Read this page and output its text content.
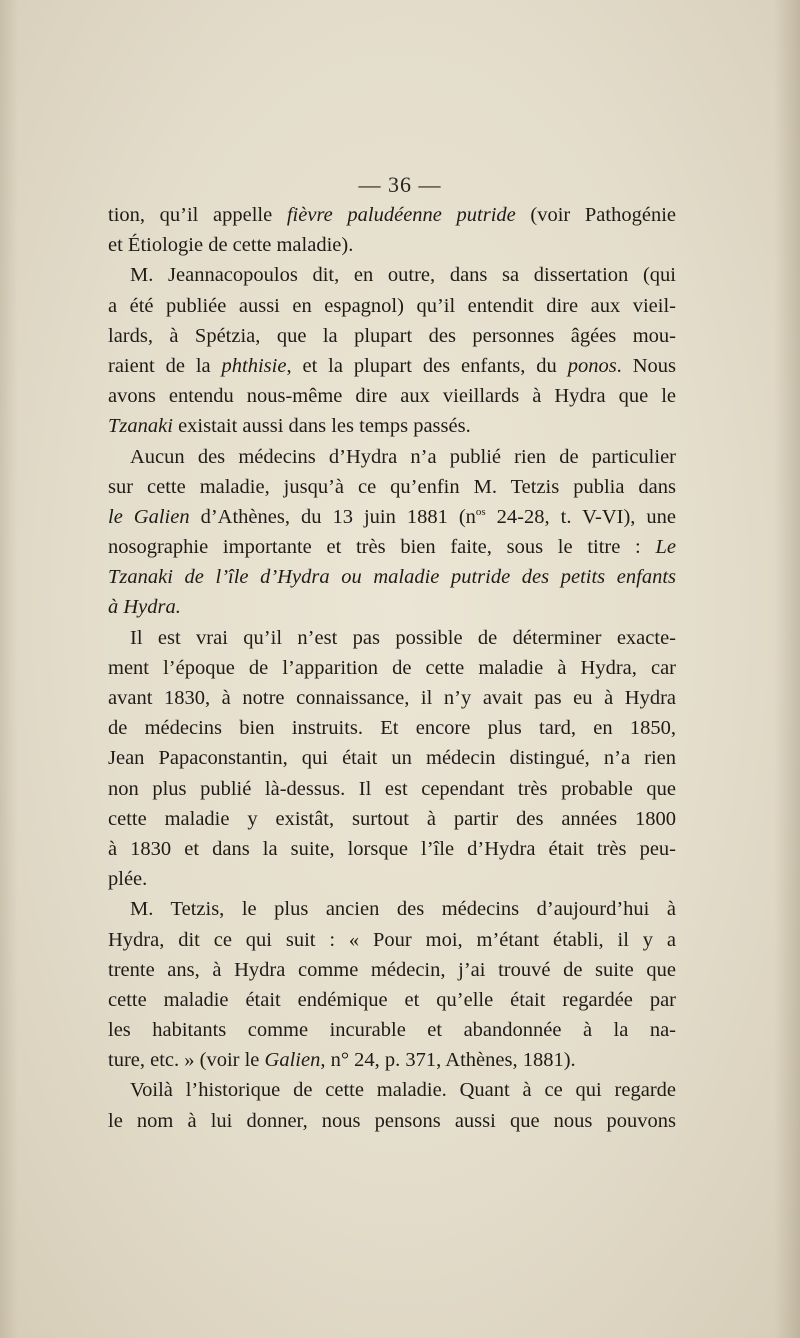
— 36 —
tion, qu’il appelle fièvre paludéenne putride (voir Pathogénie
et Étiologie de cette maladie).
M. Jeannacopoulos dit, en outre, dans sa dissertation (qui
a été publiée aussi en espagnol) qu’il entendit dire aux vieil-
lards, à Spétzia, que la plupart des personnes âgées mou-
raient de la phthisie, et la plupart des enfants, du ponos. Nous
avons entendu nous-même dire aux vieillards à Hydra que le
Tzanaki existait aussi dans les temps passés.
Aucun des médecins d’Hydra n’a publié rien de particulier
sur cette maladie, jusqu’à ce qu’enfin M. Tetzis publia dans
le Galien d’Athènes, du 13 juin 1881 ($n^{os}$ 24-28, t. V-VI), une
nosographie importante et très bien faite, sous le titre : Le
Tzanaki de l’île d’Hydra ou maladie putride des petits enfants
à Hydra.
Il est vrai qu’il n’est pas possible de déterminer exacte-
ment l’époque de l’apparition de cette maladie à Hydra, car
avant 1830, à notre connaissance, il n’y avait pas eu à Hydra
de médecins bien instruits. Et encore plus tard, en 1850,
Jean Papaconstantin, qui était un médecin distingué, n’a rien
non plus publié là-dessus. Il est cependant très probable que
cette maladie y existât, surtout à partir des années 1800
à 1830 et dans la suite, lorsque l’île d’Hydra était très peu-
plée.
M. Tetzis, le plus ancien des médecins d’aujourd’hui à
Hydra, dit ce qui suit : « Pour moi, m’étant établi, il y a
trente ans, à Hydra comme médecin, j’ai trouvé de suite que
cette maladie était endémique et qu’elle était regardée par
les habitants comme incurable et abandonnée à la na-
ture, etc. » (voir le Galien, n° 24, p. 371, Athènes, 1881).
Voilà l’historique de cette maladie. Quant à ce qui regarde
le nom à lui donner, nous pensons aussi que nous pouvons
